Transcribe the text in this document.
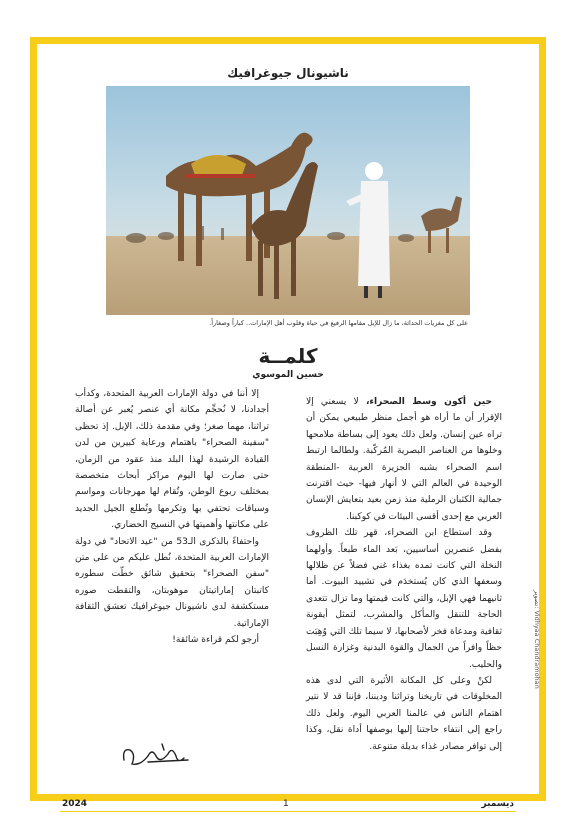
ناشيونال جيوغرافيك
على كل مغريات الحداثة، ما زال للإبل مقامها الرفيع في حياة وقلوب أهل الإمارات.. كباراً وصغاراً.
كلمــة
حسين الموسوي

حين أكون وسط الصحراء، لا يسعني إلا الإقرار أن ما أراه هو أجمل منظر طبيعي يمكن أن تراه عين إنسان. ولعل ذلك يعود إلى بساطة ملامحها وخلوها من العناصر البصرية المُركّبة. ولطالما ارتبط اسم الصحراء بشبه الجزيرة العربية -المنطقة الوحيدة في العالم التي لا أنهار فيها- حيث اقترنت جمالية الكثبان الرملية منذ زمن بعيد بتعايش الإنسان العربي مع إحدى أقسى البيئات في كوكبنا.

وقد استطاع ابن الصحراء، قهر تلك الظروف بفضل عنصرين أساسيين، بَعد الماء طبعاً. وأولهما النخلة التي كانت تمده بغذاء غني فضلاً عن ظلالها وسعفها الذي كان يُستخدَم في تشييد البيوت. أما ثانيهما فهي الإبل، والتي كانت قيمتها وما تزال تتعدى الحاجة للتنقل والمأكل والمشرب، لتمثل أيقونة ثقافية ومدعاة فخر لأصحابها، لا سيما تلك التي وُهِبَت حظاً وافراً من الجمال والقوة البدنية وغزارة النسل والحليب.

لكنْ وعلى كل المكانة الأثيرة التي لدى هذه المخلوقات في تاريخنا وتراثنا وديننا، فإننا قد لا نتير اهتمام الناس في عالمنا العربي اليوم. ولعل ذلك راجع إلى انتفاء حاجتنا إليها بوصفها أداة نقل، وكذا إلى توافر مصادر غذاء بديلة متنوعة.

إلا أننا في دولة الإمارات العربية المتحدة، وكدأب أجدادنا، لا نُحجِّم مكانة أي عنصر يُعبر عن أصالة تراثنا، مهما صغر؛ وفي مقدمة ذلك، الإبل. إذ تحظى "سفينة الصحراء" باهتمام ورعاية كبيرين من لدن القيادة الرشيدة لهذا البلد منذ عقود من الزمان، حتى صارت لها اليوم مراكز أبحاث متخصصة بمختلف ربوع الوطن، وتُقام لها مهرجانات ومواسم وسباقات تحتفي بها وتكرمها وتُطلع الجيل الجديد على مكانتها وأهميتها في النسيج الحضاري.

واحتفاءً بالذكرى الـ53 من "عيد الاتحاد" في دولة الإمارات العربية المتحدة، نُطل عليكم من على متن "سفن الصحراء" بتحقيق شائق خطّت سطوره كاتبتان إماراتيتان موهوبتان، والتقطت صوره مستكشفة لدى ناشيونال جيوغرافيك تعشق الثقافة الإماراتية.

أرجو لكم قراءة شائقة!

تصوير: Vidhyaa Chandramohan
ديسمبر
1
2024
